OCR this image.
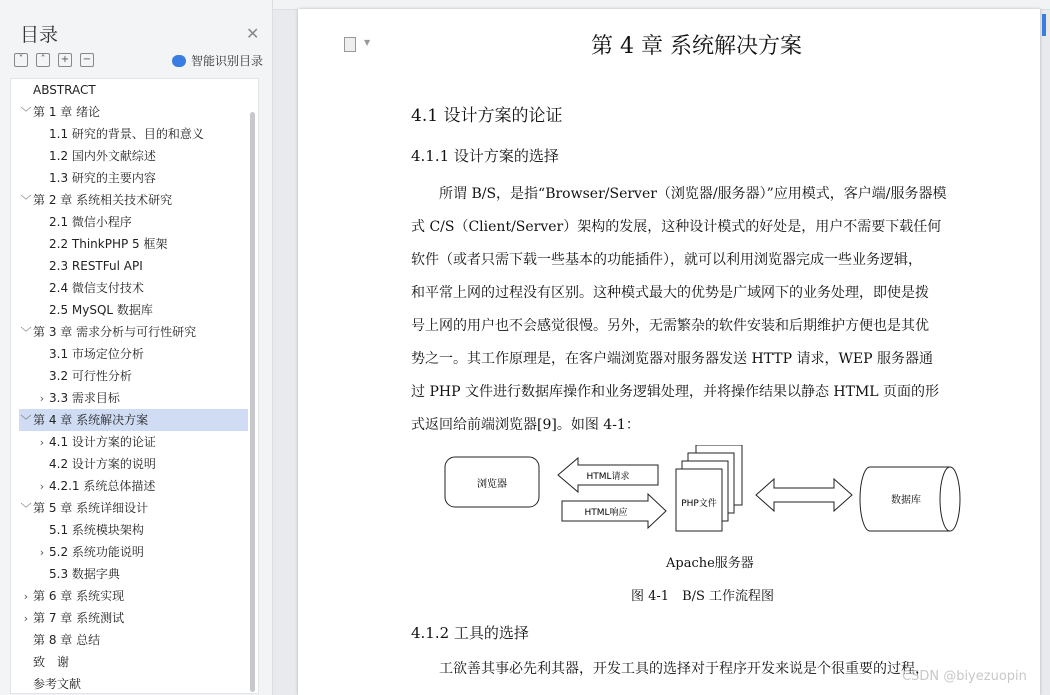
目录	✕
˅	˄	+ −	智能识别目录
ABSTRACT
﹀ 第 1 章 绪论
1.1 研究的背景、目的和意义
1.2 国内外文献综述
1.3 研究的主要内容
﹀ 第 2 章 系统相关技术研究
2.1 微信小程序
2.2 ThinkPHP 5 框架
2.3 RESTFul API
2.4 微信支付技术
2.5 MySQL 数据库
﹀ 第 3 章 需求分析与可行性研究
3.1 市场定位分析
3.2 可行性分析
› 3.3 需求目标
﹀ 第 4 章 系统解决方案
› 4.1 设计方案的论证
4.2 设计方案的说明
› 4.2.1 系统总体描述
﹀ 第 5 章 系统详细设计
5.1 系统模块架构
› 5.2 系统功能说明
5.3 数据字典
› 第 6 章 系统实现
› 第 7 章 系统测试
第 8 章 总结
致　谢
参考文献
▼	第 4 章 系统解决方案
4.1 设计方案的论证
4.1.1 设计方案的选择
　　所谓 B/S，是指“Browser/Server（浏览器/服务器）”应用模式，客户端/服务器模
式 C/S（Client/Server）架构的发展，这种设计模式的好处是，用户不需要下载任何
软件（或者只需下载一些基本的功能插件），就可以利用浏览器完成一些业务逻辑，
和平常上网的过程没有区别。这种模式最大的优势是广域网下的业务处理，即使是拨
号上网的用户也不会感觉很慢。另外，无需繁杂的软件安装和后期维护方便也是其优
势之一。其工作原理是，在客户端浏览器对服务器发送 HTTP 请求，WEP 服务器通
过 PHP 文件进行数据库操作和业务逻辑处理，并将操作结果以静态 HTML 页面的形
式返回给前端浏览器[9]。如图 4-1：
浏览器
HTML请求
HTML响应
PHP文件	数据库
Apache服务器
图 4-1　B/S 工作流程图
4.1.2 工具的选择
　　工欲善其事必先利其器，开发工具的选择对于程序开发来说是个很重要的过程，
CSDN @biyezuopin
